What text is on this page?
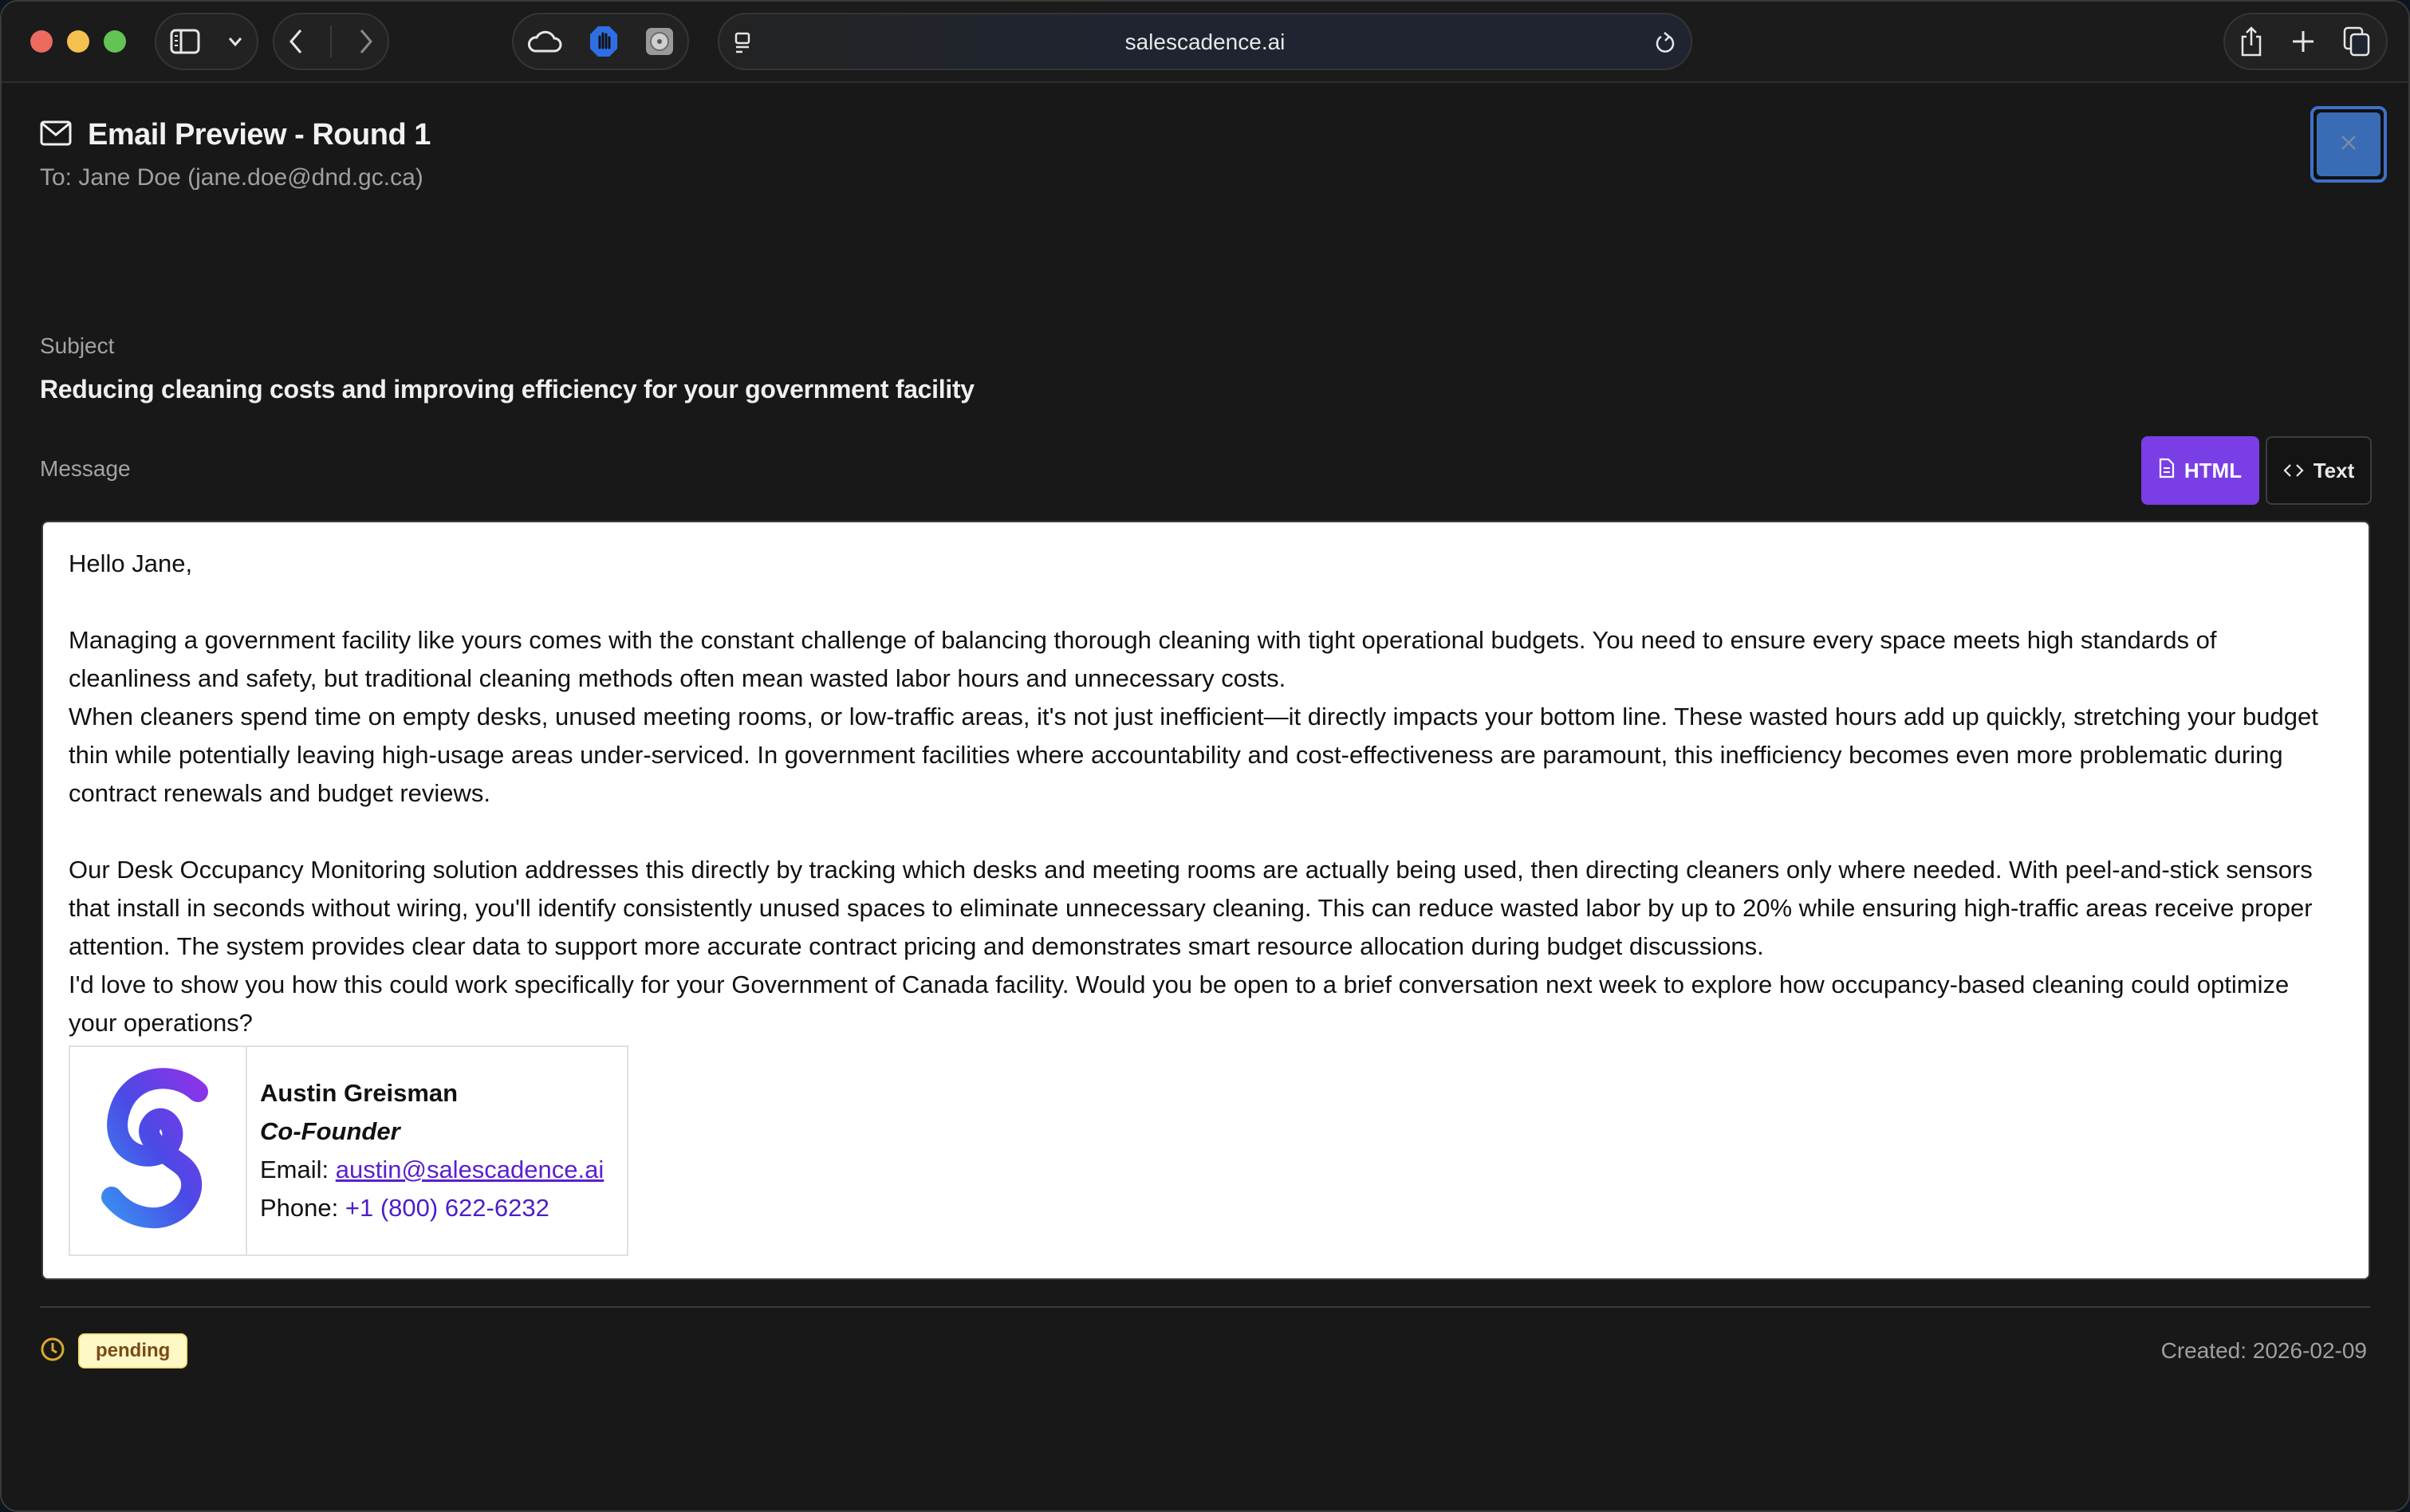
salescadence.ai
Email Preview - Round 1
To: Jane Doe (jane.doe@dnd.gc.ca)
Subject
Reducing cleaning costs and improving efficiency for your government facility
Message	HTML	Text

Hello Jane,

Managing a government facility like yours comes with the constant challenge of balancing thorough cleaning with tight operational budgets. You need to ensure every space meets high standards of cleanliness and safety, but traditional cleaning methods often mean wasted labor hours and unnecessary costs.

When cleaners spend time on empty desks, unused meeting rooms, or low-traffic areas, it's not just inefficient—it directly impacts your bottom line. These wasted hours add up quickly, stretching your budget thin while potentially leaving high-usage areas under-serviced. In government facilities where accountability and cost-effectiveness are paramount, this inefficiency becomes even more problematic during contract renewals and budget reviews.

Our Desk Occupancy Monitoring solution addresses this directly by tracking which desks and meeting rooms are actually being used, then directing cleaners only where needed. With peel-and-stick sensors that install in seconds without wiring, you'll identify consistently unused spaces to eliminate unnecessary cleaning. This can reduce wasted labor by up to 20% while ensuring high-traffic areas receive proper attention. The system provides clear data to support more accurate contract pricing and demonstrates smart resource allocation during budget discussions.

I'd love to show you how this could work specifically for your Government of Canada facility. Would you be open to a brief conversation next week to explore how occupancy-based cleaning could optimize your operations?

Austin Greisman
Co-Founder
Email: austin@salescadence.ai
Phone: +1 (800) 622-6232
pending	Created: 2026-02-09
